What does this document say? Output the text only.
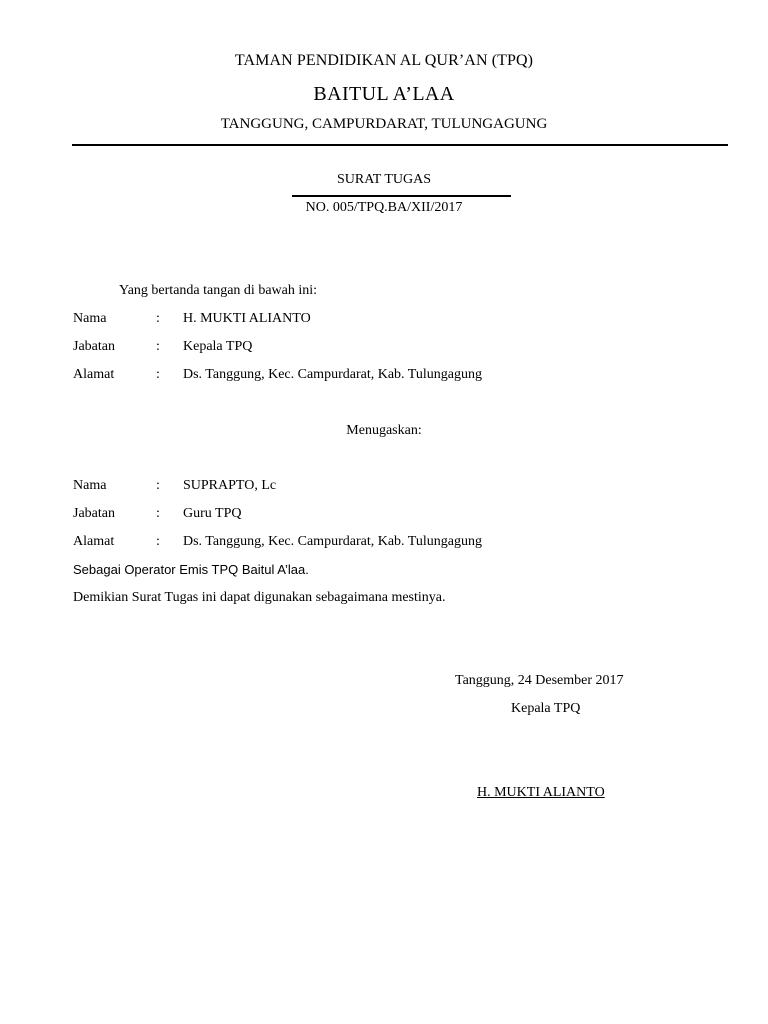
TAMAN PENDIDIKAN AL QUR’AN (TPQ)
BAITUL A’LAA
TANGGUNG, CAMPURDARAT, TULUNGAGUNG
SURAT TUGAS
NO. 005/TPQ.BA/XII/2017
Yang bertanda tangan di bawah ini:
Nama	: H. MUKTI ALIANTO
Jabatan	: Kepala TPQ
Alamat	: Ds. Tanggung, Kec. Campurdarat, Kab. Tulungagung
Menugaskan:
Nama	: SUPRAPTO, Lc
Jabatan	: Guru TPQ
Alamat	: Ds. Tanggung, Kec. Campurdarat, Kab. Tulungagung
Sebagai Operator Emis TPQ Baitul A’laa.
Demikian Surat Tugas ini dapat digunakan sebagaimana mestinya.
Tanggung, 24 Desember 2017
Kepala TPQ
H. MUKTI ALIANTO
